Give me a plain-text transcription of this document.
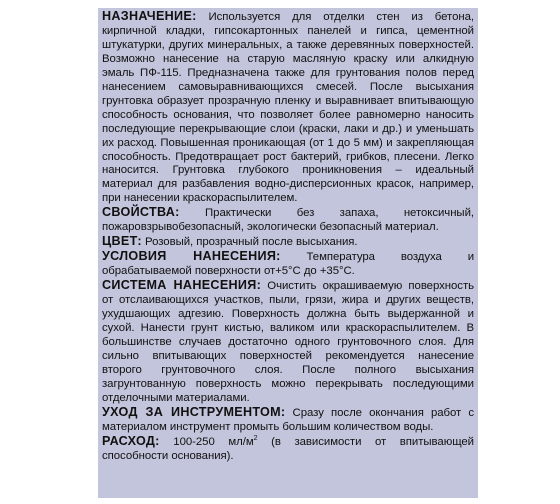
НАЗНАЧЕНИЕ: Используется для отделки стен из бетона, кирпичной кладки, гипсокартонных панелей и гипса, цементной штукатурки, других минеральных, а также деревянных поверхностей. Возможно нанесение на старую масляную краску или алкидную эмаль ПФ-115. Предназначена также для грунтования полов перед нанесением самовыравнивающихся смесей. После высыхания грунтовка образует прозрачную пленку и выравнивает впитывающую способность основания, что позволяет более равномерно наносить последующие перекрывающие слои (краски, лаки и др.) и уменьшать их расход. Повышенная проникающая (от 1 до 5 мм) и закрепляющая способность. Предотвращает рост бактерий, грибков, плесени. Легко наносится. Грунтовка глубокого проникновения – идеальный материал для разбавления водно-дисперсионных красок, например, при нанесении краскораспылителем.

СВОЙСТВА: Практически без запаха, нетоксичный, пожаровзрывобезопасный, экологически безопасный материал.

ЦВЕТ: Розовый, прозрачный после высыхания.

УСЛОВИЯ НАНЕСЕНИЯ: Температура воздуха и обрабатываемой поверхности от+5°С до +35°С.

СИСТЕМА НАНЕСЕНИЯ: Очистить окрашиваемую поверхность от отслаивающихся участков, пыли, грязи, жира и других веществ, ухудшающих адгезию. Поверхность должна быть выдержанной и сухой. Нанести грунт кистью, валиком или краскораспылителем. В большинстве случаев достаточно одного грунтовочного слоя. Для сильно впитывающих поверхностей рекомендуется нанесение второго грунтовочного слоя. После полного высыхания загрунтованную поверхность можно перекрывать последующими отделочными материалами.

УХОД ЗА ИНСТРУМЕНТОМ: Сразу после окончания работ с материалом инструмент промыть большим количеством воды.

РАСХОД: 100-250 $мл/м^2$ (в зависимости от впитывающей способности основания).
